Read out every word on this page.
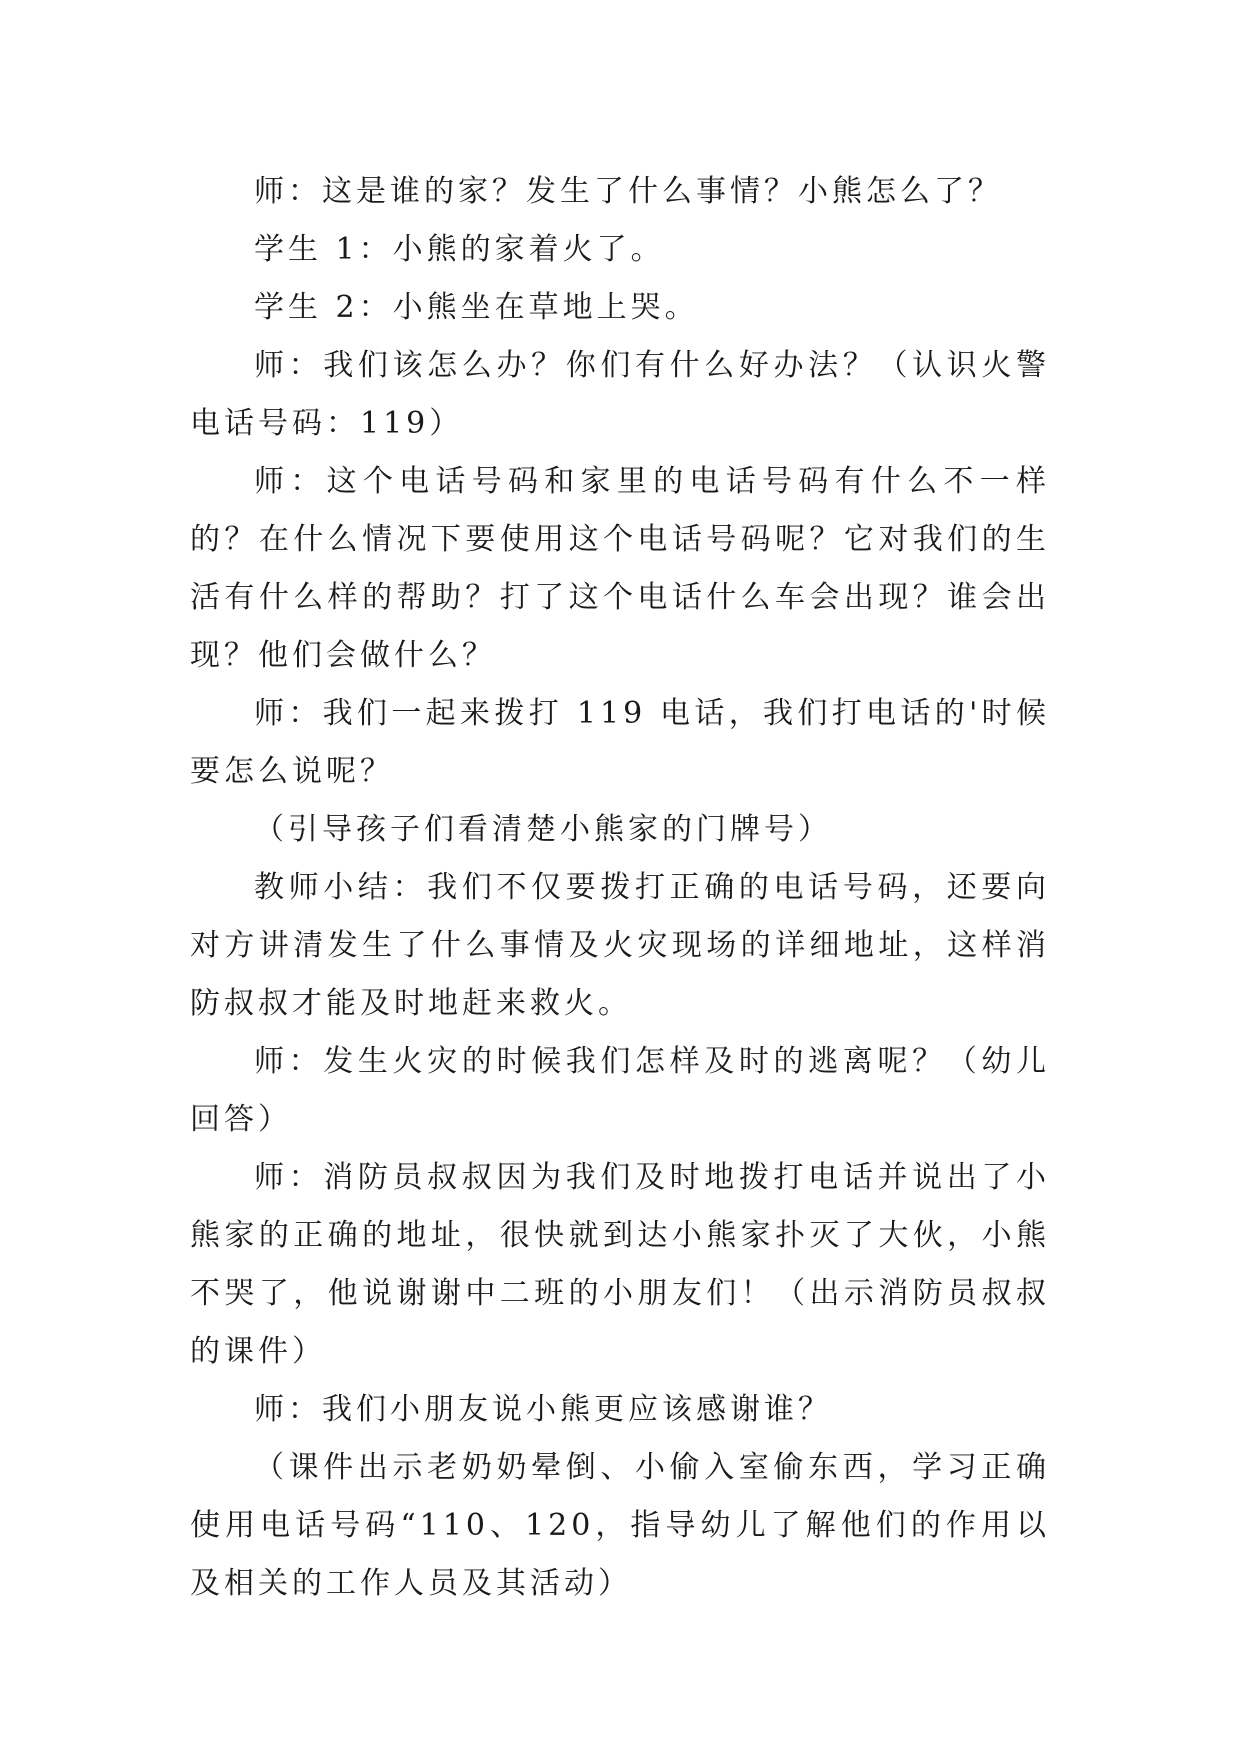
师：这是谁的家？发生了什么事情？小熊怎么了？

学生 1：小熊的家着火了。

学生 2：小熊坐在草地上哭。

师：我们该怎么办？你们有什么好办法？（认识火警电话号码：119）

师：这个电话号码和家里的电话号码有什么不一样的？在什么情况下要使用这个电话号码呢？它对我们的生活有什么样的帮助？打了这个电话什么车会出现？谁会出现？他们会做什么？

师：我们一起来拨打 119 电话，我们打电话的'时候要怎么说呢？

（引导孩子们看清楚小熊家的门牌号）

教师小结：我们不仅要拨打正确的电话号码，还要向对方讲清发生了什么事情及火灾现场的详细地址，这样消防叔叔才能及时地赶来救火。

师：发生火灾的时候我们怎样及时的逃离呢？（幼儿回答）

师：消防员叔叔因为我们及时地拨打电话并说出了小熊家的正确的地址，很快就到达小熊家扑灭了大伙，小熊不哭了，他说谢谢中二班的小朋友们！（出示消防员叔叔的课件）

师：我们小朋友说小熊更应该感谢谁？

（课件出示老奶奶晕倒、小偷入室偷东西，学习正确使用电话号码“110、120，指导幼儿了解他们的作用以及相关的工作人员及其活动）
